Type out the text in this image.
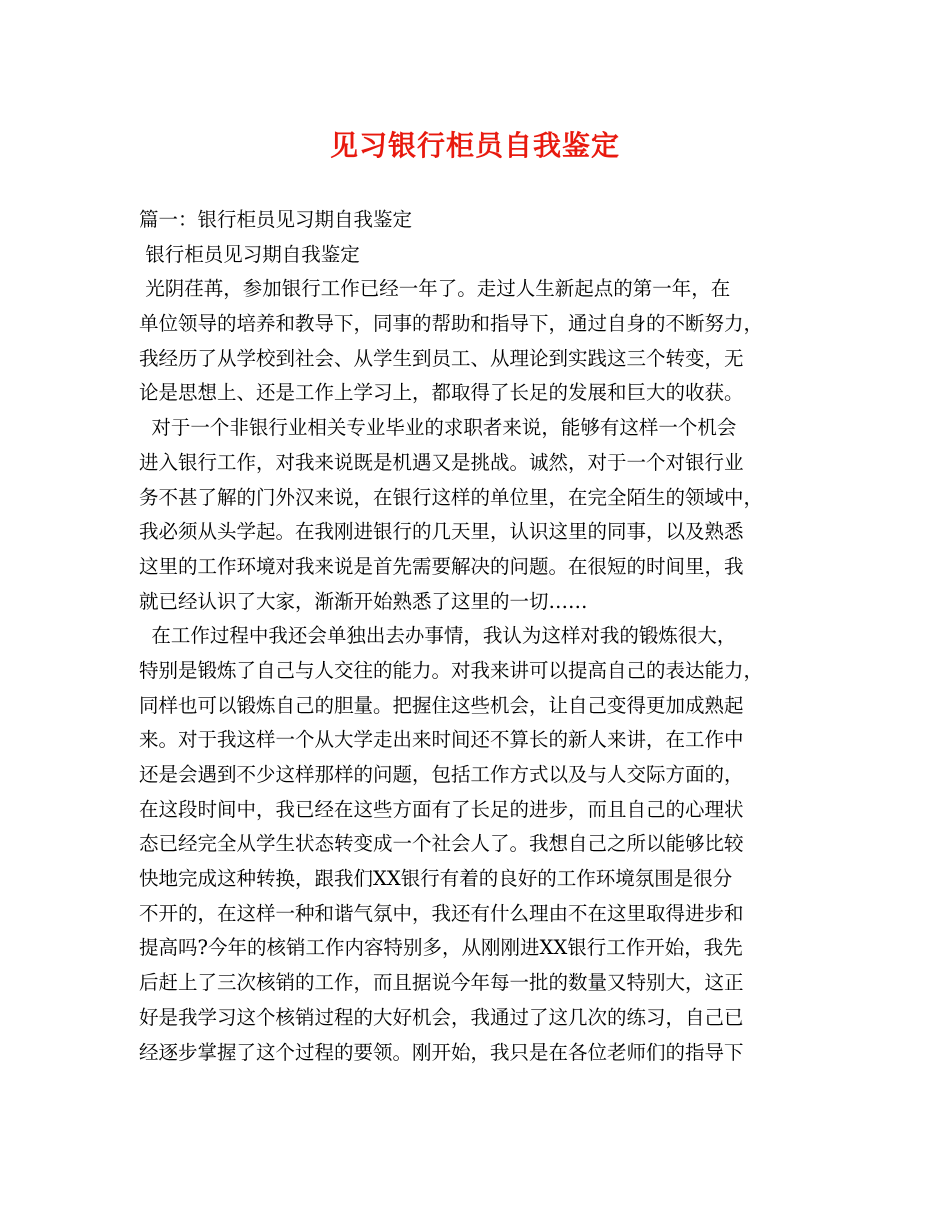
见习银行柜员自我鉴定
篇一：银行柜员见习期自我鉴定
银行柜员见习期自我鉴定
光阴荏苒，参加银行工作已经一年了。走过人生新起点的第一年，在
单位领导的培养和教导下，同事的帮助和指导下，通过自身的不断努力，
我经历了从学校到社会、从学生到员工、从理论到实践这三个转变，无
论是思想上、还是工作上学习上，都取得了长足的发展和巨大的收获。
对于一个非银行业相关专业毕业的求职者来说，能够有这样一个机会
进入银行工作，对我来说既是机遇又是挑战。诚然，对于一个对银行业
务不甚了解的门外汉来说，在银行这样的单位里，在完全陌生的领域中，
我必须从头学起。在我刚进银行的几天里，认识这里的同事，以及熟悉
这里的工作环境对我来说是首先需要解决的问题。在很短的时间里，我
就已经认识了大家，渐渐开始熟悉了这里的一切……
在工作过程中我还会单独出去办事情，我认为这样对我的锻炼很大，
特别是锻炼了自己与人交往的能力。对我来讲可以提高自己的表达能力，
同样也可以锻炼自己的胆量。把握住这些机会，让自己变得更加成熟起
来。对于我这样一个从大学走出来时间还不算长的新人来讲，在工作中
还是会遇到不少这样那样的问题，包括工作方式以及与人交际方面的，
在这段时间中，我已经在这些方面有了长足的进步，而且自己的心理状
态已经完全从学生状态转变成一个社会人了。我想自己之所以能够比较
快地完成这种转换，跟我们XX银行有着的良好的工作环境氛围是很分
不开的，在这样一种和谐气氛中，我还有什么理由不在这里取得进步和
提高吗?今年的核销工作内容特别多，从刚刚进XX银行工作开始，我先
后赶上了三次核销的工作，而且据说今年每一批的数量又特别大，这正
好是我学习这个核销过程的大好机会，我通过了这几次的练习，自己已
经逐步掌握了这个过程的要领。刚开始，我只是在各位老师们的指导下
